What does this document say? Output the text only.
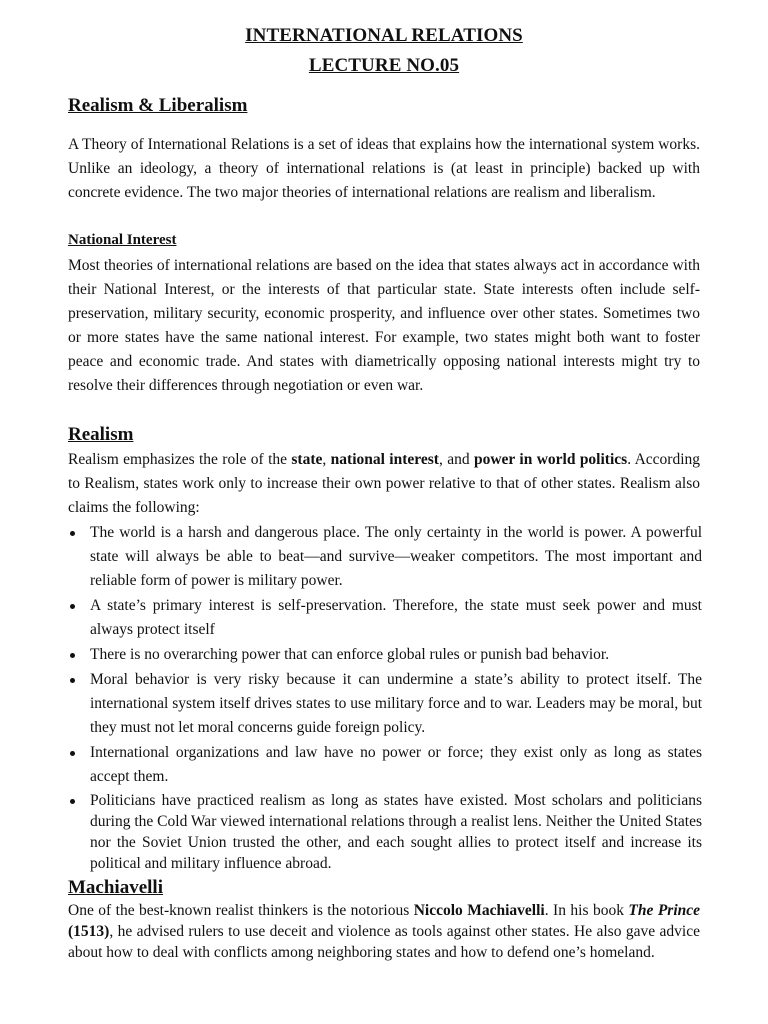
INTERNATIONAL RELATIONS
LECTURE NO.05
Realism & Liberalism

A Theory of International Relations is a set of ideas that explains how the international system works. Unlike an ideology, a theory of international relations is (at least in principle) backed up with concrete evidence. The two major theories of international relations are realism and liberalism.

National Interest

Most theories of international relations are based on the idea that states always act in accordance with their National Interest, or the interests of that particular state. State interests often include self-preservation, military security, economic prosperity, and influence over other states. Sometimes two or more states have the same national interest. For example, two states might both want to foster peace and economic trade. And states with diametrically opposing national interests might try to resolve their differences through negotiation or even war.

Realism

Realism emphasizes the role of the state, national interest, and power in world politics. According to Realism, states work only to increase their own power relative to that of other states. Realism also claims the following:

The world is a harsh and dangerous place. The only certainty in the world is power. A powerful state will always be able to beat—and survive—weaker competitors. The most important and reliable form of power is military power.
A state’s primary interest is self-preservation. Therefore, the state must seek power and must always protect itself
There is no overarching power that can enforce global rules or punish bad behavior.
Moral behavior is very risky because it can undermine a state’s ability to protect itself. The international system itself drives states to use military force and to war. Leaders may be moral, but they must not let moral concerns guide foreign policy.
International organizations and law have no power or force; they exist only as long as states accept them.
Politicians have practiced realism as long as states have existed. Most scholars and politicians during the Cold War viewed international relations through a realist lens. Neither the United States nor the Soviet Union trusted the other, and each sought allies to protect itself and increase its political and military influence abroad.
Machiavelli

One of the best-known realist thinkers is the notorious Niccolo Machiavelli. In his book The Prince (1513), he advised rulers to use deceit and violence as tools against other states. He also gave advice about how to deal with conflicts among neighboring states and how to defend one’s homeland.
